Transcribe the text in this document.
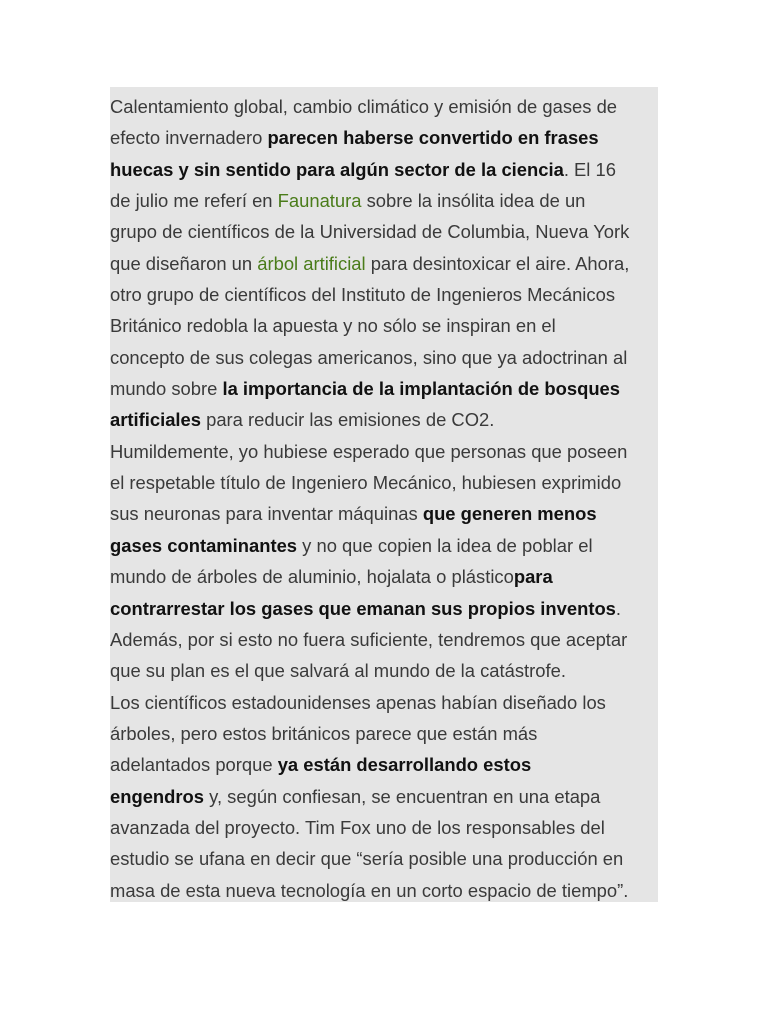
Calentamiento global, cambio climático y emisión de gases de
efecto invernadero parecen haberse convertido en frases
huecas y sin sentido para algún sector de la ciencia. El 16
de julio me referí en Faunatura sobre la insólita idea de un
grupo de científicos de la Universidad de Columbia, Nueva York
que diseñaron un árbol artificial para desintoxicar el aire. Ahora,
otro grupo de científicos del Instituto de Ingenieros Mecánicos
Británico redobla la apuesta y no sólo se inspiran en el
concepto de sus colegas americanos, sino que ya adoctrinan al
mundo sobre la importancia de la implantación de bosques
artificiales para reducir las emisiones de CO2.
Humildemente, yo hubiese esperado que personas que poseen
el respetable título de Ingeniero Mecánico, hubiesen exprimido
sus neuronas para inventar máquinas que generen menos
gases contaminantes y no que copien la idea de poblar el
mundo de árboles de aluminio, hojalata o plásticopara
contrarrestar los gases que emanan sus propios inventos.
Además, por si esto no fuera suficiente, tendremos que aceptar
que su plan es el que salvará al mundo de la catástrofe.
Los científicos estadounidenses apenas habían diseñado los
árboles, pero estos británicos parece que están más
adelantados porque ya están desarrollando estos
engendros y, según confiesan, se encuentran en una etapa
avanzada del proyecto. Tim Fox uno de los responsables del
estudio se ufana en decir que “sería posible una producción en
masa de esta nueva tecnología en un corto espacio de tiempo”.
